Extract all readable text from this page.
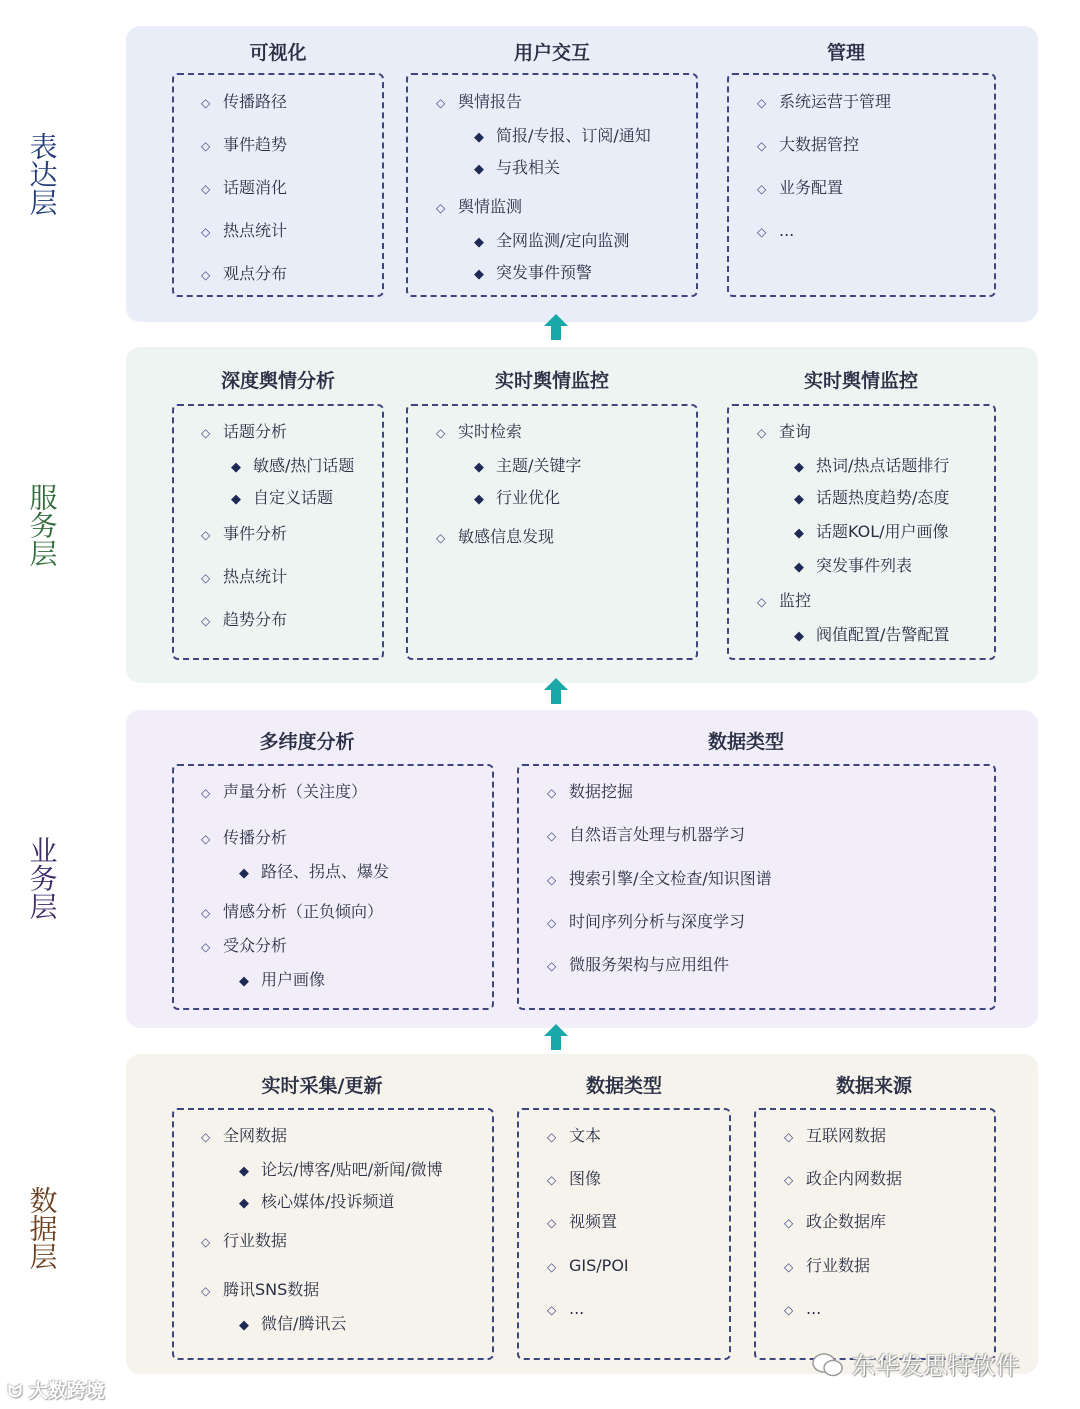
表达层
服务层
业务层
数据层
可视化	用户交互	管理
◇ 传播路径
◇ 事件趋势
◇ 话题消化
◇ 热点统计
◇ 观点分布
◇ 舆情报告
◆ 简报/专报、订阅/通知
◆ 与我相关
◇ 舆情监测
◆ 全网监测/定向监测
◆ 突发事件预警
◇ 系统运营于管理
◇ 大数据管控
◇ 业务配置
◇ ...
深度舆情分析	实时舆情监控	实时舆情监控
◇ 话题分析
◆ 敏感/热门话题
◆ 自定义话题
◇ 事件分析
◇ 热点统计
◇ 趋势分布
◇ 实时检索
◆ 主题/关键字
◆ 行业优化
◇ 敏感信息发现
◇ 查询
◆ 热词/热点话题排行
◆ 话题热度趋势/态度
◆ 话题KOL/用户画像
◆ 突发事件列表
◇ 监控
◆ 阀值配置/告警配置
多纬度分析	数据类型
◇ 声量分析（关注度）
◇ 传播分析
◆ 路径、拐点、爆发
◇ 情感分析（正负倾向）
◇ 受众分析
◆ 用户画像
◇ 数据挖掘
◇ 自然语言处理与机器学习
◇ 搜索引擎/全文检查/知识图谱
◇ 时间序列分析与深度学习
◇ 微服务架构与应用组件
实时采集/更新	数据类型	数据来源
◇ 全网数据
◆ 论坛/博客/贴吧/新闻/微博
◆ 核心媒体/投诉频道
◇ 行业数据
◇ 腾讯SNS数据
◆ 微信/腾讯云
◇ 文本
◇ 图像
◇ 视频置
◇ GIS/POI
◇ ...
◇ 互联网数据
◇ 政企内网数据
◇ 政企数据库
◇ 行业数据
◇ ...
ᗢ 大数跨境
东华发思特软件
